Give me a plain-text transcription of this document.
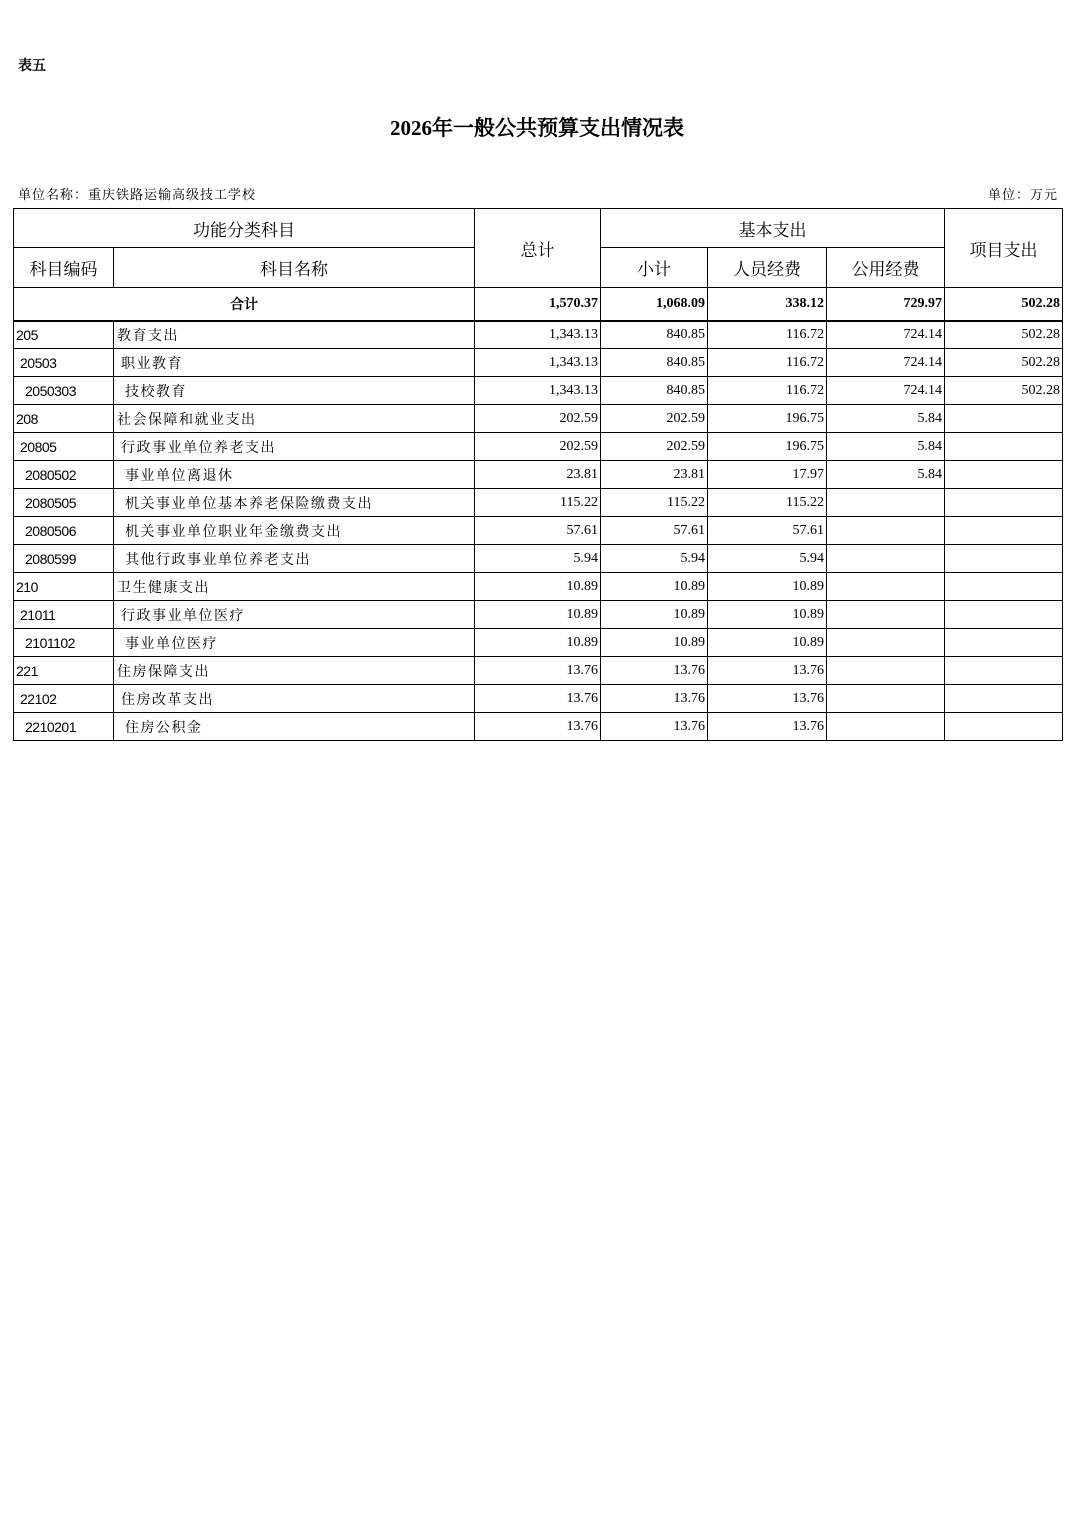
表五
2026年一般公共预算支出情况表
单位名称：重庆铁路运输高级技工学校	单位：万元
功能分类科目		总计	基本支出			项目支出
科目编码	科目名称		小计	人员经费	公用经费	
合计		1,570.37	1,068.09	338.12	729.97	502.28
205	教育支出	1,343.13	840.85	116.72	724.14	502.28
20503	职业教育	1,343.13	840.85	116.72	724.14	502.28
2050303	技校教育	1,343.13	840.85	116.72	724.14	502.28
208	社会保障和就业支出	202.59	202.59	196.75	5.84	
20805	行政事业单位养老支出	202.59	202.59	196.75	5.84	
2080502	事业单位离退休	23.81	23.81	17.97	5.84	
2080505	机关事业单位基本养老保险缴费支出	115.22	115.22	115.22		
2080506	机关事业单位职业年金缴费支出	57.61	57.61	57.61		
2080599	其他行政事业单位养老支出	5.94	5.94	5.94		
210	卫生健康支出	10.89	10.89	10.89		
21011	行政事业单位医疗	10.89	10.89	10.89		
2101102	事业单位医疗	10.89	10.89	10.89		
221	住房保障支出	13.76	13.76	13.76		
22102	住房改革支出	13.76	13.76	13.76		
2210201	住房公积金	13.76	13.76	13.76		
